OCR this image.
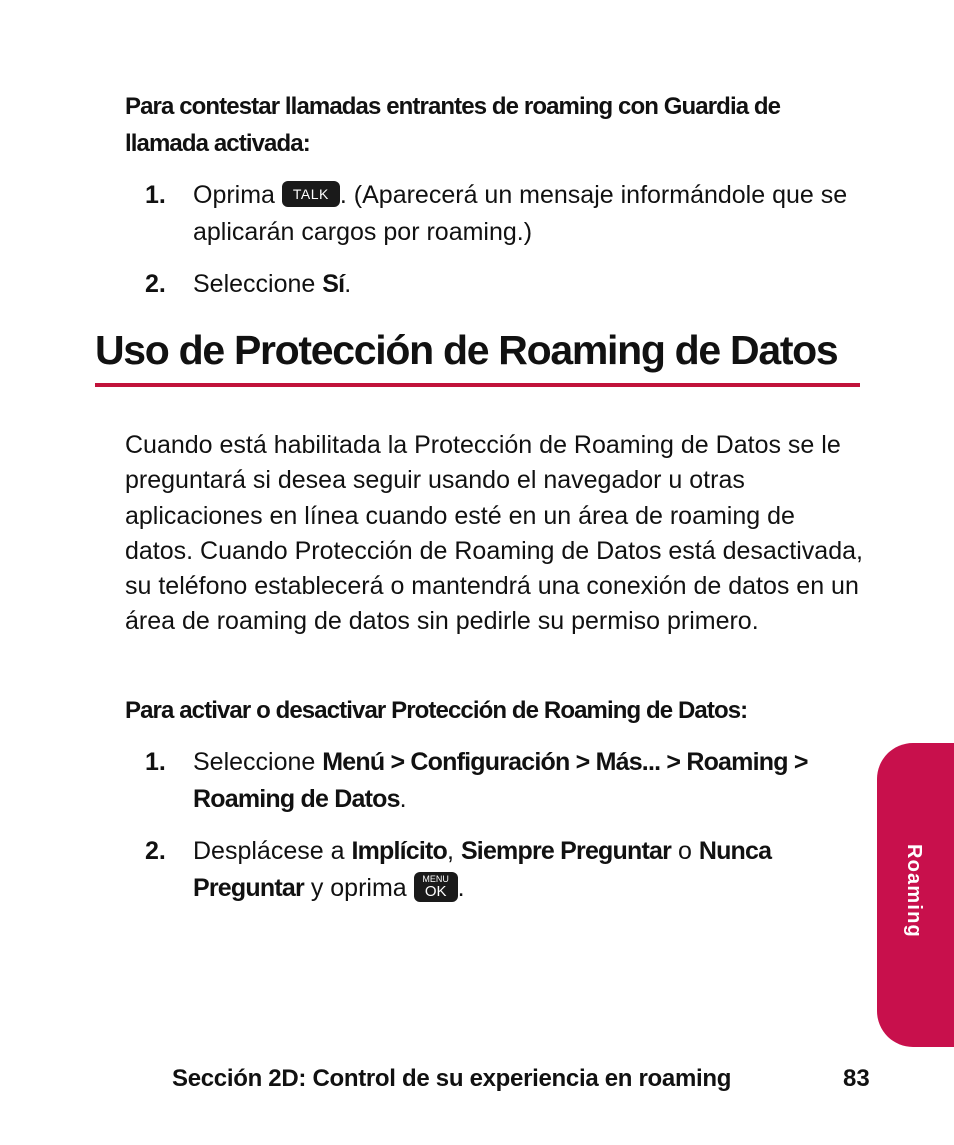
Para contestar llamadas entrantes de roaming con Guardia de llamada activada:
1. Oprima TALK . (Aparecerá un mensaje informándole que se aplicarán cargos por roaming.)
2. Seleccione Sí.
Uso de Protección de Roaming de Datos

Cuando está habilitada la Protección de Roaming de Datos se le preguntará si desea seguir usando el navegador u otras aplicaciones en línea cuando esté en un área de roaming de datos. Cuando Protección de Roaming de Datos está desactivada, su teléfono establecerá o mantendrá una conexión de datos en un área de roaming de datos sin pedirle su permiso primero.

Para activar o desactivar Protección de Roaming de Datos:
1. Seleccione Menú > Configuración > Más... > Roaming > Roaming de Datos.
2. Desplácese a Implícito, Siempre Preguntar o Nunca Preguntar y oprima MENU
OK .	Roaming
Sección 2D: Control de su experiencia en roaming	83
